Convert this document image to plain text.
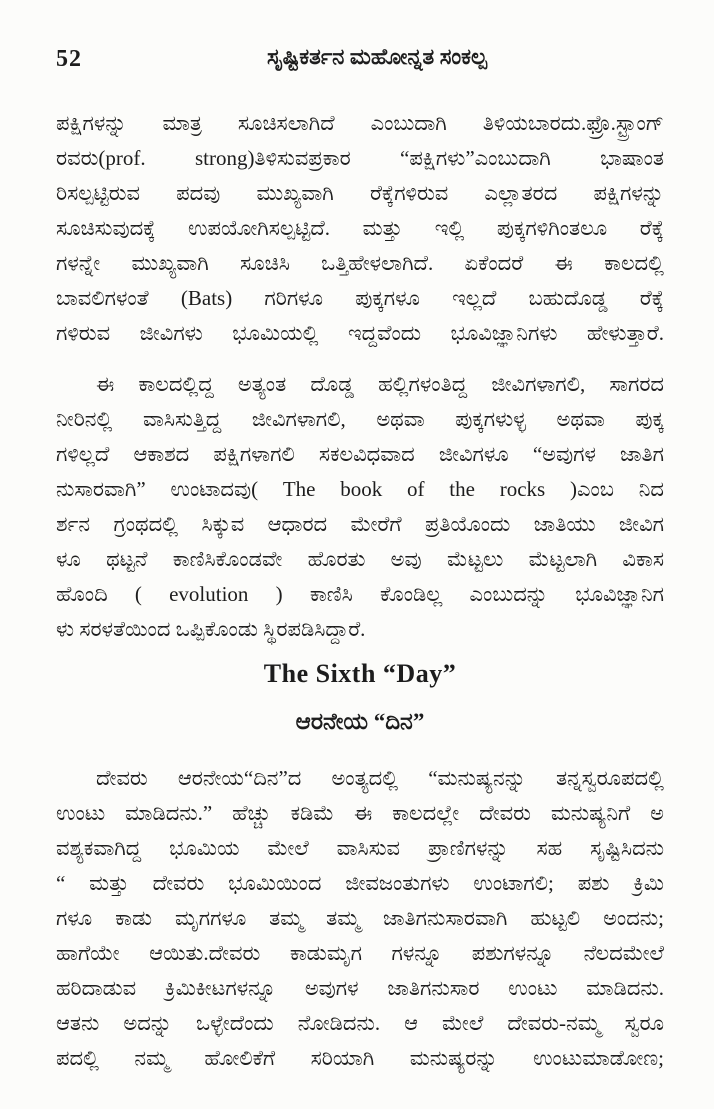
52	ಸೃಷ್ಟಿಕರ್ತನ ಮಹೋನ್ನತ ಸಂಕಲ್ಪ
ಪಕ್ಷಿಗಳನ್ನು ಮಾತ್ರ ಸೂಚಿಸಲಾಗಿದೆ ಎಂಬುದಾಗಿ ತಿಳಿಯಬಾರದು.ಫ್ರೊ.ಸ್ಟ್ರಾಂಗ್
ರವರು(prof. strong)ತಿಳಿಸುವಪ್ರಕಾರ “ಪಕ್ಷಿಗಳು”ಎಂಬುದಾಗಿ ಭಾಷಾಂತ
ರಿಸಲ್ಪಟ್ಟಿರುವ ಪದವು ಮುಖ್ಯವಾಗಿ ರೆಕ್ಕೆಗಳಿರುವ ಎಲ್ಲಾತರದ ಪಕ್ಷಿಗಳನ್ನು
ಸೂಚಿಸುವುದಕ್ಕೆ ಉಪಯೋಗಿಸಲ್ಪಟ್ಟಿದೆ. ಮತ್ತು ಇಲ್ಲಿ ಪುಕ್ಕಗಳಿಗಿಂತಲೂ ರೆಕ್ಕೆ
ಗಳನ್ನೇ ಮುಖ್ಯವಾಗಿ ಸೂಚಿಸಿ ಒತ್ತಿಹೇಳಲಾಗಿದೆ. ಏಕೆಂದರೆ ಈ ಕಾಲದಲ್ಲಿ
ಬಾವಲಿಗಳಂತೆ (Bats) ಗರಿಗಳೂ ಪುಕ್ಕಗಳೂ ಇಲ್ಲದೆ ಬಹುದೊಡ್ಡ ರೆಕ್ಕೆ
ಗಳಿರುವ ಜೀವಿಗಳು ಭೂಮಿಯಲ್ಲಿ ಇದ್ದವೆಂದು ಭೂವಿಜ್ಞಾನಿಗಳು ಹೇಳುತ್ತಾರೆ.
ಈ ಕಾಲದಲ್ಲಿದ್ದ ಅತ್ಯಂತ ದೊಡ್ಡ ಹಲ್ಲಿಗಳಂತಿದ್ದ ಜೀವಿಗಳಾಗಲಿ, ಸಾಗರದ
ನೀರಿನಲ್ಲಿ ವಾಸಿಸುತ್ತಿದ್ದ ಜೀವಿಗಳಾಗಲಿ, ಅಥವಾ ಪುಕ್ಕಗಳುಳ್ಳ ಅಥವಾ ಪುಕ್ಕ
ಗಳಿಲ್ಲದೆ ಆಕಾಶದ ಪಕ್ಷಿಗಳಾಗಲಿ ಸಕಲವಿಧವಾದ ಜೀವಿಗಳೂ “ಅವುಗಳ ಜಾತಿಗ
ನುಸಾರವಾಗಿ” ಉಂಟಾದವು( The book of the rocks )ಎಂಬ ನಿದ
ರ್ಶನ ಗ್ರಂಥದಲ್ಲಿ ಸಿಕ್ಕುವ ಆಧಾರದ ಮೇರೆಗೆ ಪ್ರತಿಯೊಂದು ಜಾತಿಯು ಜೀವಿಗ
ಳೂ ಥಟ್ಟನೆ ಕಾಣಿಸಿಕೊಂಡವೇ ಹೊರತು ಅವು ಮೆಟ್ಟಲು ಮೆಟ್ಟಲಾಗಿ ವಿಕಾಸ
ಹೊಂದಿ ( evolution ) ಕಾಣಿಸಿ ಕೊಂಡಿಲ್ಲ ಎಂಬುದನ್ನು ಭೂವಿಜ್ಞಾನಿಗ
ಳು ಸರಳತೆಯಿಂದ ಒಪ್ಪಿಕೊಂಡು ಸ್ಥಿರಪಡಿಸಿದ್ದಾರೆ.
The Sixth “Day”
ಆರನೇಯ “ದಿನ”
ದೇವರು ಆರನೇಯ“ದಿನ”ದ ಅಂತ್ಯದಲ್ಲಿ “ಮನುಷ್ಯನನ್ನು ತನ್ನಸ್ವರೂಪದಲ್ಲಿ
ಉಂಟು ಮಾಡಿದನು.” ಹೆಚ್ಚು ಕಡಿಮೆ ಈ ಕಾಲದಲ್ಲೇ ದೇವರು ಮನುಷ್ಯನಿಗೆ ಅ
ವಶ್ಯಕವಾಗಿದ್ದ ಭೂಮಿಯ ಮೇಲೆ ವಾಸಿಸುವ ಪ್ರಾಣಿಗಳನ್ನು ಸಹ ಸೃಷ್ಟಿಸಿದನು
“ ಮತ್ತು ದೇವರು ಭೂಮಿಯಿಂದ ಜೀವಜಂತುಗಳು ಉಂಟಾಗಲಿ; ಪಶು ಕ್ರಿಮಿ
ಗಳೂ ಕಾಡು ಮೃಗಗಳೂ ತಮ್ಮ ತಮ್ಮ ಜಾತಿಗನುಸಾರವಾಗಿ ಹುಟ್ಟಲಿ ಅಂದನು;
ಹಾಗೆಯೇ ಆಯಿತು.ದೇವರು ಕಾಡುಮೃಗ ಗಳನ್ನೂ ಪಶುಗಳನ್ನೂ ನೆಲದಮೇಲೆ
ಹರಿದಾಡುವ ಕ್ರಿಮಿಕೀಟಗಳನ್ನೂ ಅವುಗಳ ಜಾತಿಗನುಸಾರ ಉಂಟು ಮಾಡಿದನು.
ಆತನು ಅದನ್ನು ಒಳ್ಳೇದೆಂದು ನೋಡಿದನು. ಆ ಮೇಲೆ ದೇವರು-ನಮ್ಮ ಸ್ವರೂ
ಪದಲ್ಲಿ ನಮ್ಮ ಹೋಲಿಕೆಗೆ ಸರಿಯಾಗಿ ಮನುಷ್ಯರನ್ನು ಉಂಟುಮಾಡೋಣ;
